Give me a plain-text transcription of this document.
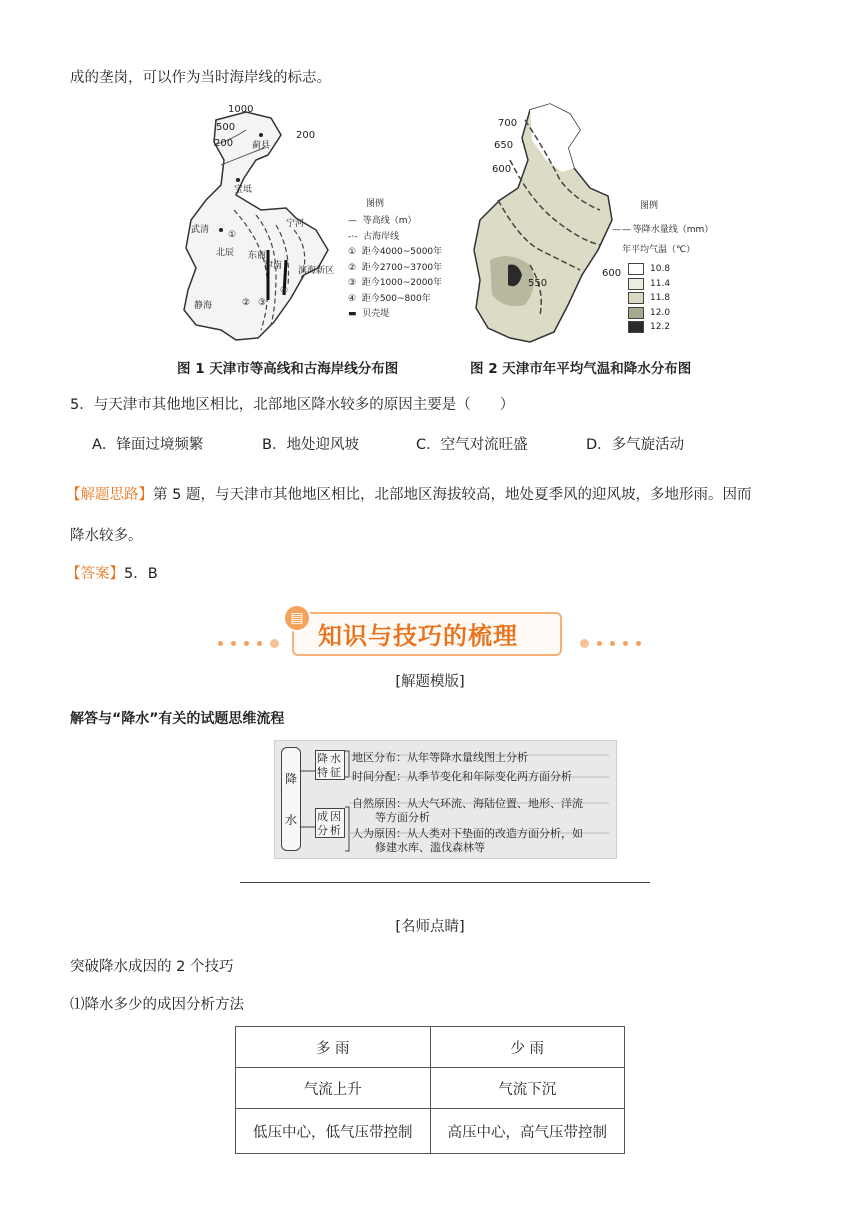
成的垄岗，可以作为当时海岸线的标志。
1000
500
200
200
蓟县
宝坻
武清
宁河
北辰 东丽
津南 滨海新区
静海
①
② ③
④
图例
— 等高线（m）
-·- 古海岸线
① 距今4000~5000年
② 距今2700~3700年
③ 距今1000~2000年
④ 距今500~800年
▬ 贝壳堤
图 1 天津市等高线和古海岸线分布图
700
650
600
550
600
图例
— — 等降水量线（mm）
年平均气温（℃）
10.8
11.4
11.8
12.0
12.2
图 2 天津市年平均气温和降水分布图
5．与天津市其他地区相比，北部地区降水较多的原因主要是（　　）
A．锋面过境频繁	B．地处迎风坡	C．空气对流旺盛	D．多气旋活动
【解题思路】第 5 题，与天津市其他地区相比，北部地区海拔较高，地处夏季风的迎风坡，多地形雨。因而
降水较多。
【答案】5．B
▤
知识与技巧的梳理
[解题模版]
解答与“降水”有关的试题思维流程
降
水
降水特征
成因分析
地区分布：从年等降水量线图上分析
时间分配：从季节变化和年际变化两方面分析
自然原因：从大气环流、海陆位置、地形、洋流
等方面分析
人为原因：从人类对下垫面的改造方面分析，如
修建水库、滥伐森林等
[名师点睛]
突破降水成因的 2 个技巧
⑴降水多少的成因分析方法
多 雨	少 雨
气流上升	气流下沉
低压中心，低气压带控制	高压中心，高气压带控制
